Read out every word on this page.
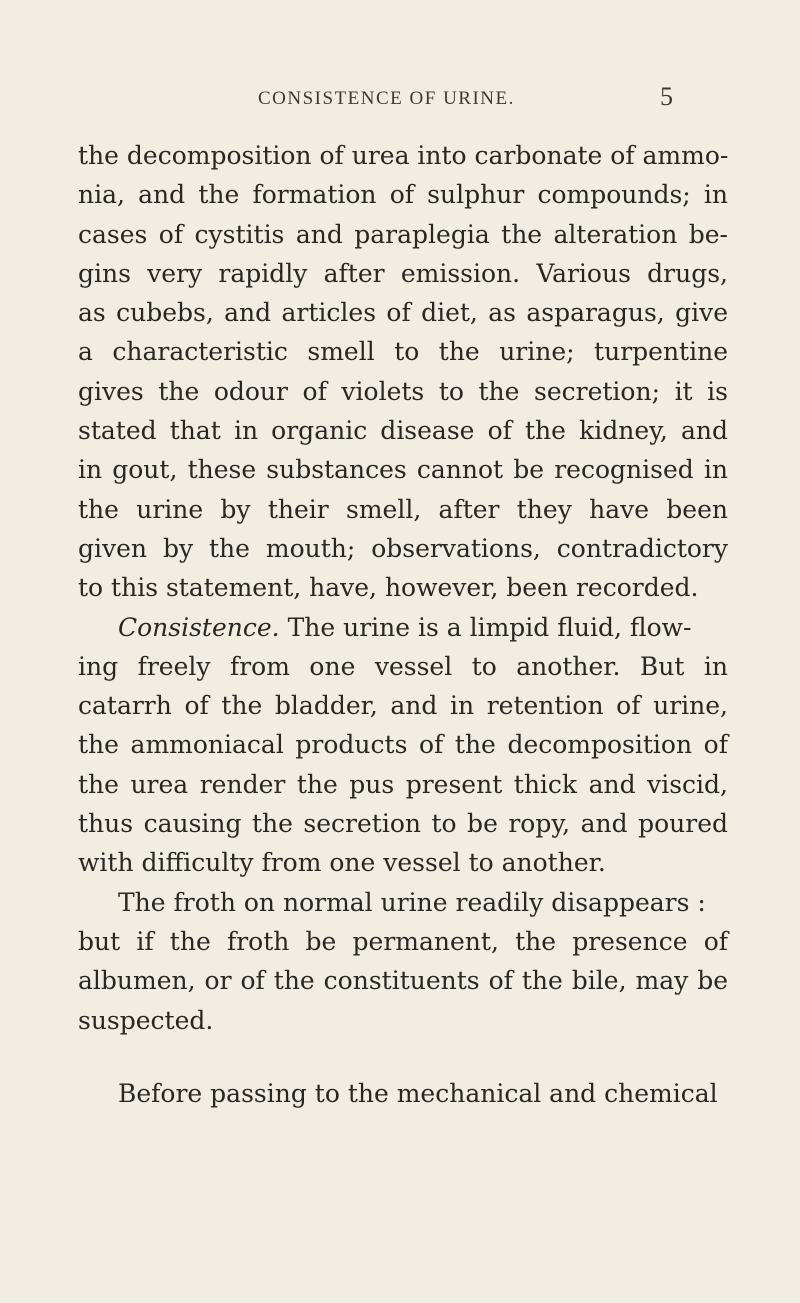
CONSISTENCE OF URINE.	5
the decomposition of urea into carbonate of ammo-
nia, and the formation of sulphur compounds; in
cases of cystitis and paraplegia the alteration be-
gins very rapidly after emission. Various drugs,
as cubebs, and articles of diet, as asparagus, give
a characteristic smell to the urine; turpentine
gives the odour of violets to the secretion; it is
stated that in organic disease of the kidney, and
in gout, these substances cannot be recognised in
the urine by their smell, after they have been
given by the mouth; observations, contradictory
to this statement, have, however, been recorded.
Consistence. The urine is a limpid fluid, flow-
ing freely from one vessel to another. But in
catarrh of the bladder, and in retention of urine,
the ammoniacal products of the decomposition of
the urea render the pus present thick and viscid,
thus causing the secretion to be ropy, and poured
with difficulty from one vessel to another.
The froth on normal urine readily disappears :
but if the froth be permanent, the presence of
albumen, or of the constituents of the bile, may be
suspected.
Before passing to the mechanical and chemical
